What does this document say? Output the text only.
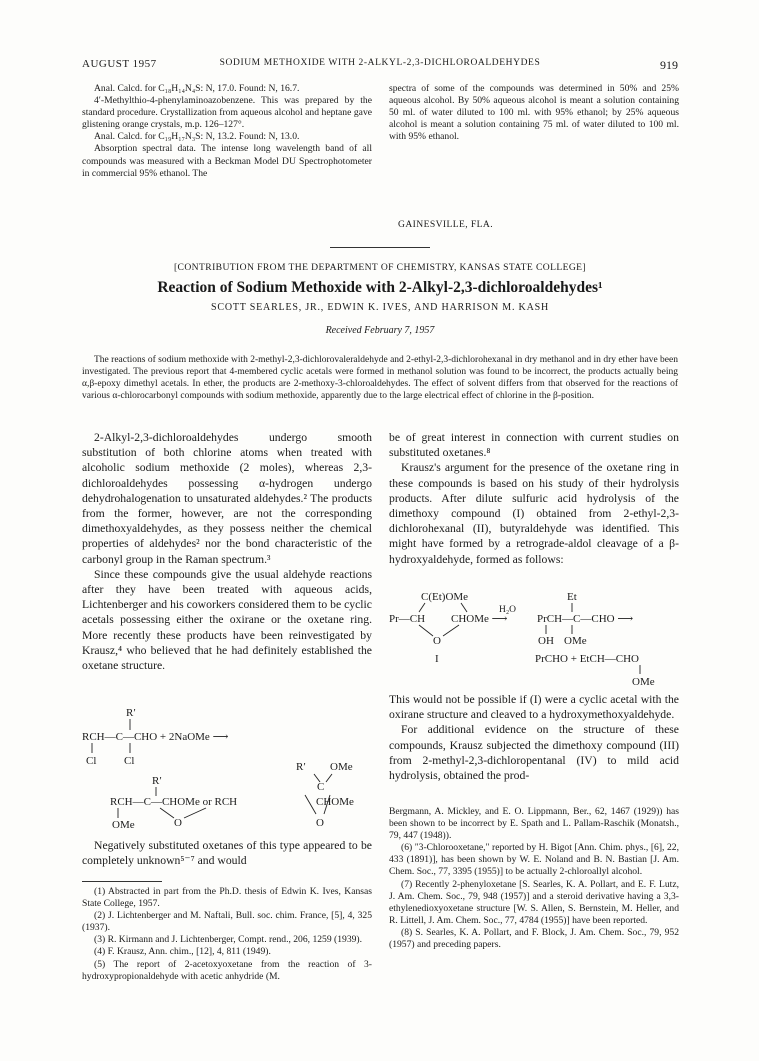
AUGUST 1957	SODIUM METHOXIDE WITH 2-ALKYL-2,3-DICHLOROALDEHYDES	919

Anal. Calcd. for C₁₈H₁₄N₄S: N, 17.0. Found: N, 16.7.

4′-Methylthio-4-phenylaminoazobenzene. This was prepared by the standard procedure. Crystallization from aqueous alcohol and heptane gave glistening orange crystals, m.p. 126–127°.

Anal. Calcd. for C₁₉H₁₇N₃S: N, 13.2. Found: N, 13.0.

Absorption spectral data. The intense long wavelength band of all compounds was measured with a Beckman Model DU Spectrophotometer in commercial 95% ethanol. The

spectra of some of the compounds was determined in 50% and 25% aqueous alcohol. By 50% aqueous alcohol is meant a solution containing 50 ml. of water diluted to 100 ml. with 95% ethanol; by 25% aqueous alcohol is meant a solution containing 75 ml. of water diluted to 100 ml. with 95% ethanol.

GAINESVILLE, FLA.
[CONTRIBUTION FROM THE DEPARTMENT OF CHEMISTRY, KANSAS STATE COLLEGE]
Reaction of Sodium Methoxide with 2-Alkyl-2,3-dichloroaldehydes¹
SCOTT SEARLES, JR., EDWIN K. IVES, AND HARRISON M. KASH
Received February 7, 1957

The reactions of sodium methoxide with 2-methyl-2,3-dichlorovaleraldehyde and 2-ethyl-2,3-dichlorohexanal in dry methanol and in dry ether have been investigated. The previous report that 4-membered cyclic acetals were formed in methanol solution was found to be incorrect, the products actually being α,β-epoxy dimethyl acetals. In ether, the products are 2-methoxy-3-chloroaldehydes. The effect of solvent differs from that observed for the reactions of various α-chlorocarbonyl compounds with sodium methoxide, apparently due to the large electrical effect of chlorine in the β-position.

2-Alkyl-2,3-dichloroaldehydes undergo smooth substitution of both chlorine atoms when treated with alcoholic sodium methoxide (2 moles), whereas 2,3-dichloroaldehydes possessing α-hydrogen undergo dehydrohalogenation to unsaturated aldehydes.² The products from the former, however, are not the corresponding dimethoxyaldehydes, as they possess neither the chemical properties of aldehydes² nor the bond characteristic of the carbonyl group in the Raman spectrum.³

Since these compounds give the usual aldehyde reactions after they have been treated with aqueous acids, Lichtenberger and his coworkers considered them to be cyclic acetals possessing either the oxirane or the oxetane ring. More recently these products have been reinvestigated by Krausz,⁴ who believed that he had definitely established the oxetane structure.

R′
RCH—C—CHO + 2NaOMe ⟶
Cl	Cl	R′ OMe
C
R′
RCH—C—CHOMe or RCH	CHOMe
OMe	O	O

Negatively substituted oxetanes of this type appeared to be completely unknown⁵⁻⁷ and would

(1) Abstracted in part from the Ph.D. thesis of Edwin K. Ives, Kansas State College, 1957.

(2) J. Lichtenberger and M. Naftali, Bull. soc. chim. France, [5], 4, 325 (1937).

(3) R. Kirmann and J. Lichtenberger, Compt. rend., 206, 1259 (1939).

(4) F. Krausz, Ann. chim., [12], 4, 811 (1949).

(5) The report of 2-acetoxyoxetane from the reaction of 3-hydroxypropionaldehyde with acetic anhydride (M.

be of great interest in connection with current studies on substituted oxetanes.⁸

Krausz's argument for the presence of the oxetane ring in these compounds is based on his study of their hydrolysis products. After dilute sulfuric acid hydrolysis of the dimethoxy compound (I) obtained from 2-ethyl-2,3-dichlorohexanal (II), butyraldehyde was identified. This might have formed by a retrograde-aldol cleavage of a β-hydroxyaldehyde, formed as follows:

C(Et)OMe	Et
H₂O
Pr—CH CHOMe ⟶	PrCH—C—CHO ⟶
O	OH OMe
I	PrCHO + EtCH—CHO
OMe

This would not be possible if (I) were a cyclic acetal with the oxirane structure and cleaved to a hydroxymethoxyaldehyde.

For additional evidence on the structure of these compounds, Krausz subjected the dimethoxy compound (III) from 2-methyl-2,3-dichloropentanal (IV) to mild acid hydrolysis, obtained the prod-

Bergmann, A. Mickley, and E. O. Lippmann, Ber., 62, 1467 (1929)) has been shown to be incorrect by E. Spath and L. Pallam-Raschik (Monatsh., 79, 447 (1948)).

(6) "3-Chlorooxetane," reported by H. Bigot [Ann. Chim. phys., [6], 22, 433 (1891)], has been shown by W. E. Noland and B. N. Bastian [J. Am. Chem. Soc., 77, 3395 (1955)] to be actually 2-chloroallyl alcohol.

(7) Recently 2-phenyloxetane [S. Searles, K. A. Pollart, and E. F. Lutz, J. Am. Chem. Soc., 79, 948 (1957)] and a steroid derivative having a 3,3-ethylenedioxyoxetane structure [W. S. Allen, S. Bernstein, M. Heller, and R. Littell, J. Am. Chem. Soc., 77, 4784 (1955)] have been reported.

(8) S. Searles, K. A. Pollart, and F. Block, J. Am. Chem. Soc., 79, 952 (1957) and preceding papers.
